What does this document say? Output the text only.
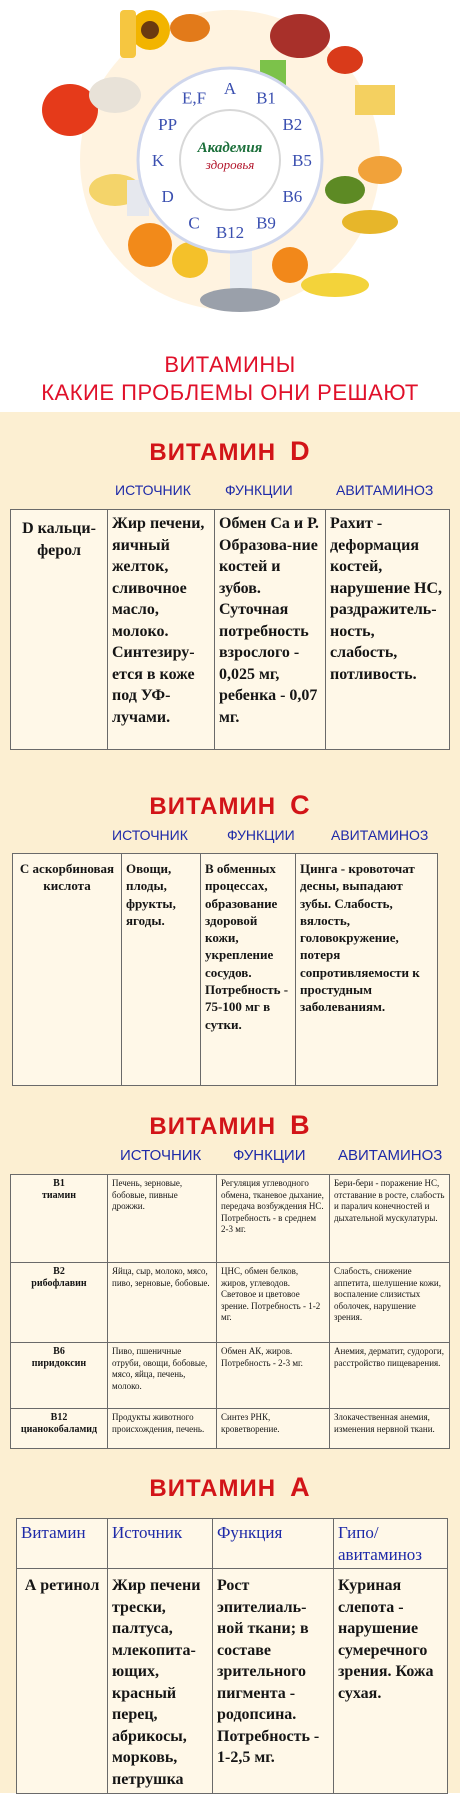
A
B1
B2
B5
B6
B9
B12
C
D
K
PP
E,F
Академия
здоровья
ВИТАМИНЫ
КАКИЕ ПРОБЛЕМЫ ОНИ РЕШАЮТ
ВИТАМИН D
ИСТОЧНИК ФУНКЦИИ	АВИТАМИНОЗ
D кальци-ферол	Жир печени, яичный желток, сливочное масло, молоко. Синтезиру-ется в коже под УФ-лучами.	Обмен Са и Р. Образова-ние костей и зубов. Суточная потребность взрослого - 0,025 мг, ребенка - 0,07 мг.	Рахит - деформация костей, нарушение НС, раздражитель-ность, слабость, потливость.
ВИТАМИН С
ИСТОЧНИК	ФУНКЦИИ	АВИТАМИНОЗ
С аскорбиновая кислота	Овощи, плоды, фрукты, ягоды.	В обменных процессах, образование здоровой кожи, укрепление сосудов. Потребность - 75-100 мг в сутки.	Цинга - кровоточат десны, выпадают зубы. Слабость, вялость, головокружение, потеря сопротивляемости к простудным заболеваниям.
ВИТАМИН В
ИСТОЧНИК ФУНКЦИИ АВИТАМИНОЗ
В1
тиамин	Печень, зерновые, бобовые, пивные дрожжи.	Регуляция углеводного обмена, тканевое дыхание, передача возбуждения НС. Потребность - в среднем 2-3 мг.	Бери-бери - поражение НС, отставание в росте, слабость и паралич конечностей и дыхательной мускулатуры.
В2
рибофлавин	Яйца, сыр, молоко, мясо, пиво, зерновые, бобовые.	ЦНС, обмен белков, жиров, углеводов. Световое и цветовое зрение. Потребность - 1-2 мг.	Слабость, снижение аппетита, шелушение кожи, воспаление слизистых оболочек, нарушение зрения.
В6
пиридоксин	Пиво, пшеничные отруби, овощи, бобовые, мясо, яйца, печень, молоко.	Обмен АК, жиров. Потребность - 2-3 мг.	Анемия, дерматит, судороги, расстройство пищеварения.
В12
цианокобаламид	Продукты животного происхождения, печень.	Синтез РНК, кроветворение.	Злокачественная анемия, изменения нервной ткани.
ВИТАМИН А
Витамин	Источник	Функция	Гипо/авитаминоз
А ретинол	Жир печени трески, палтуса, млекопита-ющих, красный перец, абрикосы, морковь, петрушка	Рост эпителиаль-ной ткани; в составе зрительного пигмента - родопсина. Потребность - 1-2,5 мг.	Куриная слепота - нарушение сумеречного зрения. Кожа сухая.
